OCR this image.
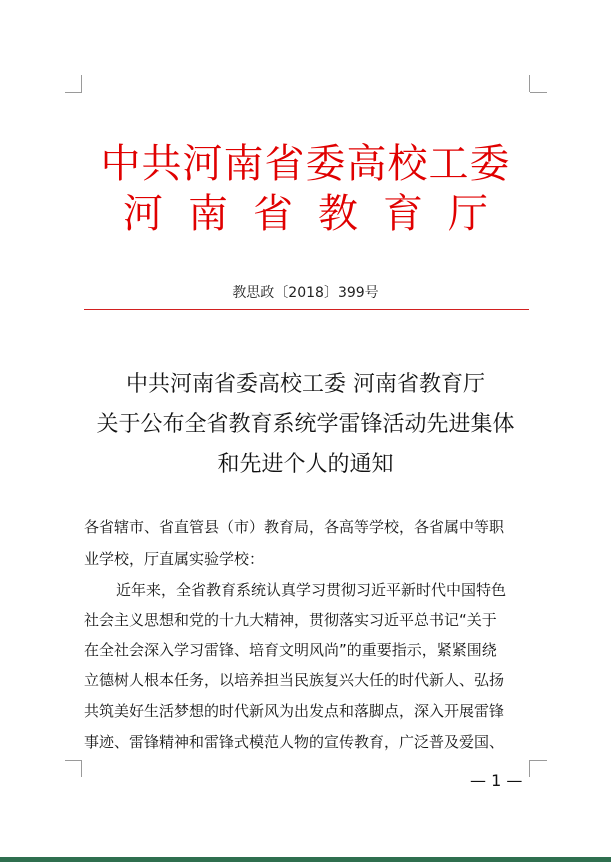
中共河南省委高校工委
河南省教育厅
教思政〔2018〕399号
中共河南省委高校工委 河南省教育厅
关于公布全省教育系统学雷锋活动先进集体
和先进个人的通知
各省辖市、省直管县（市）教育局，各高等学校，各省属中等职
业学校，厅直属实验学校：
近年来，全省教育系统认真学习贯彻习近平新时代中国特色
社会主义思想和党的十九大精神，贯彻落实习近平总书记“关于
在全社会深入学习雷锋、培育文明风尚”的重要指示，紧紧围绕
立德树人根本任务，以培养担当民族复兴大任的时代新人、弘扬
共筑美好生活梦想的时代新风为出发点和落脚点，深入开展雷锋
事迹、雷锋精神和雷锋式模范人物的宣传教育，广泛普及爱国、
— 1 —
